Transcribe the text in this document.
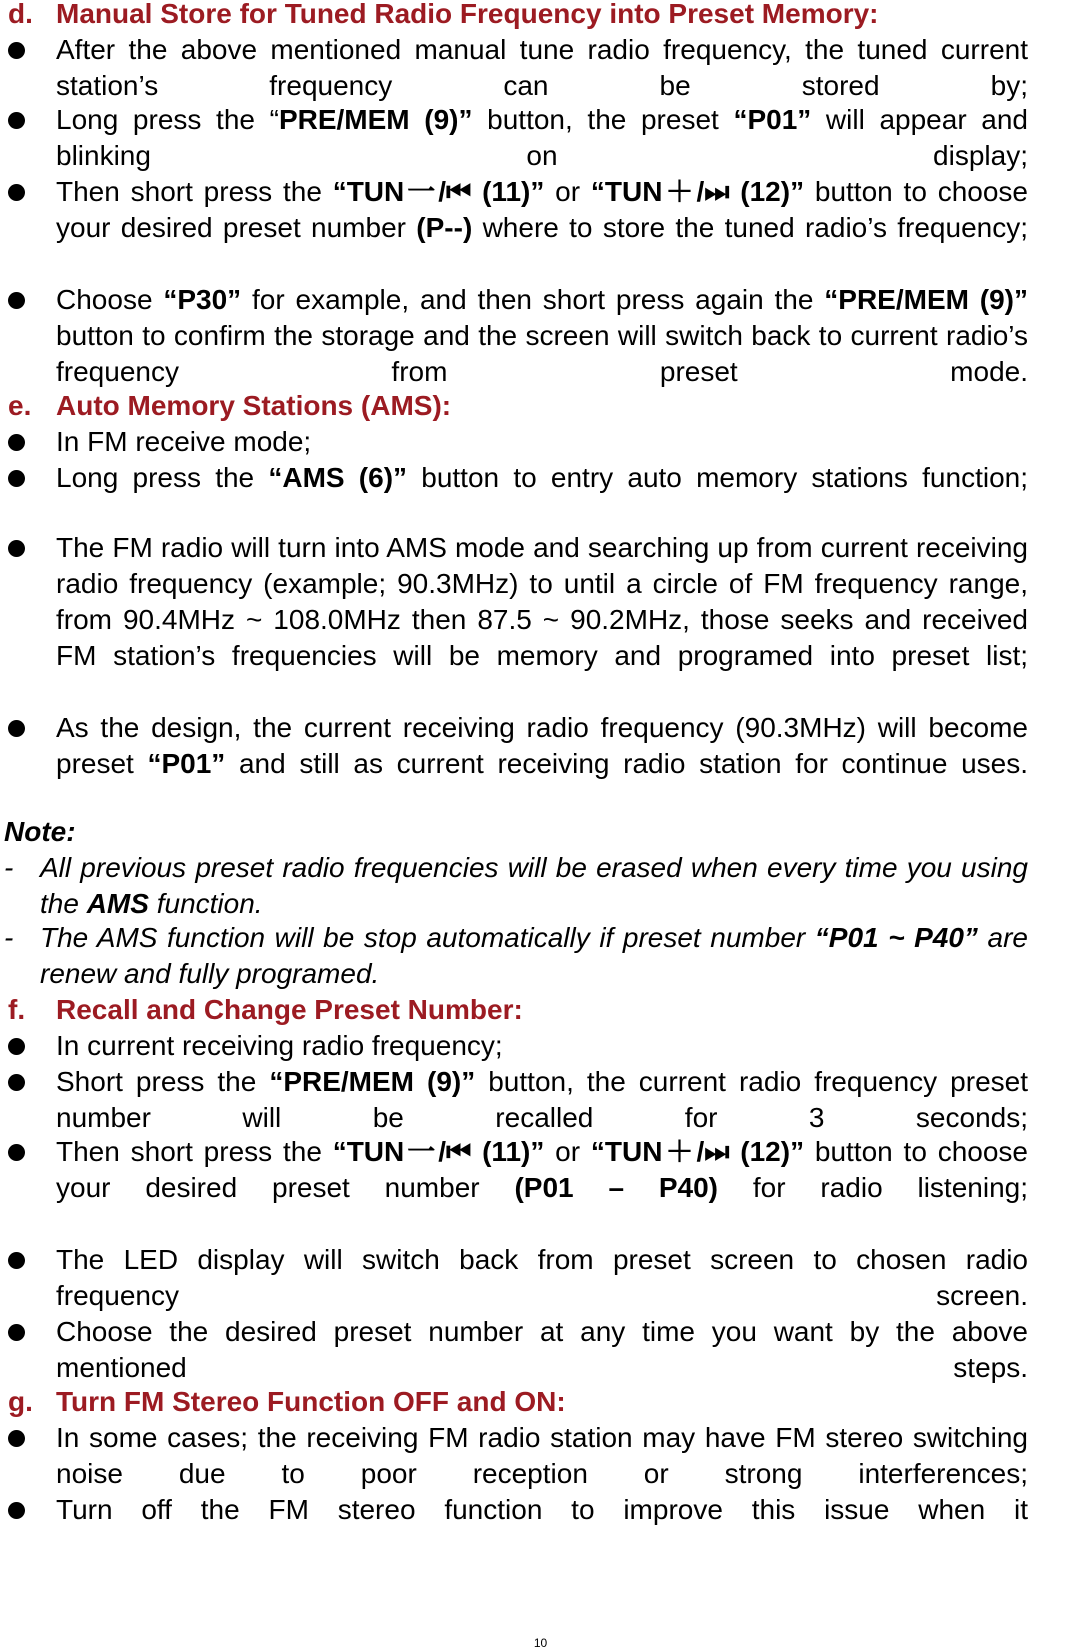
d. Manual Store for Tuned Radio Frequency into Preset Memory:
After the above mentioned manual tune radio frequency, the tuned current station’s frequency can be stored by;
Long press the “PRE/MEM (9)” button, the preset “P01” will appear and blinking on display;
Then short press the “TUN一/⏮ (11)” or “TUN＋/⏭ (12)” button to choose your desired preset number (P--) where to store the tuned radio’s frequency;
Choose “P30” for example, and then short press again the “PRE/MEM (9)” button to confirm the storage and the screen will switch back to current radio’s frequency from preset mode.
e. Auto Memory Stations (AMS):
In FM receive mode;
Long press the “AMS (6)” button to entry auto memory stations function;
The FM radio will turn into AMS mode and searching up from current receiving radio frequency (example; 90.3MHz) to until a circle of FM frequency range, from 90.4MHz ~ 108.0MHz then 87.5 ~ 90.2MHz, those seeks and received FM station’s frequencies will be memory and programed into preset list;
As the design, the current receiving radio frequency (90.3MHz) will become preset “P01” and still as current receiving radio station for continue uses.
Note:
- All previous preset radio frequencies will be erased when every time you using the AMS function.
- The AMS function will be stop automatically if preset number “P01 ~ P40” are renew and fully programed.
f. Recall and Change Preset Number:
In current receiving radio frequency;
Short press the “PRE/MEM (9)” button, the current radio frequency preset number will be recalled for 3 seconds;
Then short press the “TUN一/⏮ (11)” or “TUN＋/⏭ (12)” button to choose your desired preset number (P01 – P40) for radio listening;
The LED display will switch back from preset screen to chosen radio frequency screen.
Choose the desired preset number at any time you want by the above mentioned steps.
g. Turn FM Stereo Function OFF and ON:
In some cases; the receiving FM radio station may have FM stereo switching noise due to poor reception or strong interferences;
Turn off the FM stereo function to improve this issue when it
10
